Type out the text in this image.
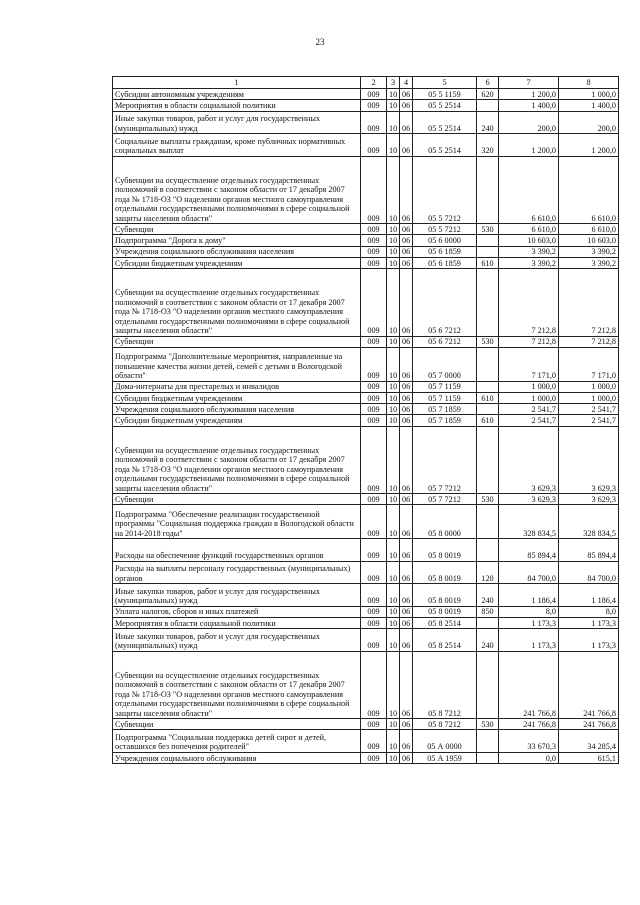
23
1	2	3	4	5	6	7	8
Субсидии автономным учреждениям	009	10	06	05 5 1159	620	1 200,0	1 000,0
Мероприятия в области социальной политики	009	10	06	05 5 2514		1 400,0	1 400,0
Иные закупки товаров, работ и услуг для государственных (муниципальных) нужд	009	10	06	05 5 2514	240	200,0	200,0
Социальные выплаты гражданам, кроме публичных нормативных социальных выплат	009	10	06	05 5 2514	320	1 200,0	1 200,0
Субвенции на осуществление отдельных государственных полномочий в соответствии с законом области от 17 декабря 2007 года № 1718-ОЗ "О наделении органов местного самоуправления отдельными государственными полномочиями в сфере социальной защиты населения области"	009	10	06	05 5 7212		6 610,0	6 610,0
Субвенции	009	10	06	05 5 7212	530	6 610,0	6 610,0
Подпрограмма "Дорога к дому"	009	10	06	05 6 0000		10 603,0	10 603,0
Учреждения социального обслуживания населения	009	10	06	05 6 1859		3 390,2	3 390,2
Субсидии бюджетным учреждениям	009	10	06	05 6 1859	610	3 390,2	3 390,2
Субвенции на осуществление отдельных государственных полномочий в соответствии с законом области от 17 декабря 2007 года № 1718-ОЗ "О наделении органов местного самоуправления отдельными государственными полномочиями в сфере социальной защиты населения области"	009	10	06	05 6 7212		7 212,8	7 212,8
Субвенции	009	10	06	05 6 7212	530	7 212,8	7 212,8
Подпрограмма "Дополнительные мероприятия, направленные на повышение качества жизни детей, семей с детьми в Вологодской области"	009	10	06	05 7 0000		7 171,0	7 171,0
Дома-интернаты для престарелых и инвалидов	009	10	06	05 7 1159		1 000,0	1 000,0
Субсидии бюджетным учреждениям	009	10	06	05 7 1159	610	1 000,0	1 000,0
Учреждения социального обслуживания населения	009	10	06	05 7 1859		2 541,7	2 541,7
Субсидии бюджетным учреждениям	009	10	06	05 7 1859	610	2 541,7	2 541,7
Субвенции на осуществление отдельных государственных полномочий в соответствии с законом области от 17 декабря 2007 года № 1718-ОЗ "О наделении органов местного самоуправления отдельными государственными полномочиями в сфере социальной защиты населения области"	009	10	06	05 7 7212		3 629,3	3 629,3
Субвенции	009	10	06	05 7 7212	530	3 629,3	3 629,3
Подпрограмма "Обеспечение реализации государственной программы "Социальная поддержка граждан в Вологодской области на 2014-2018 годы"	009	10	06	05 8 0000		328 834,5	328 834,5
Расходы на обеспечение функций государственных органов	009	10	06	05 8 0019		85 894,4	85 894,4
Расходы на выплаты персоналу государственных (муниципальных) органов	009	10	06	05 8 0019	120	84 700,0	84 700,0
Иные закупки товаров, работ и услуг для государственных (муниципальных) нужд	009	10	06	05 8 0019	240	1 186,4	1 186,4
Уплата налогов, сборов и иных платежей	009	10	06	05 8 0019	850	8,0	8,0
Мероприятия в области социальной политики	009	10	06	05 8 2514		1 173,3	1 173,3
Иные закупки товаров, работ и услуг для государственных (муниципальных) нужд	009	10	06	05 8 2514	240	1 173,3	1 173,3
Субвенции на осуществление отдельных государственных полномочий в соответствии с законом области от 17 декабря 2007 года № 1718-ОЗ "О наделении органов местного самоуправления отдельными государственными полномочиями в сфере социальной защиты населения области"	009	10	06	05 8 7212		241 766,8	241 766,8
Субвенции	009	10	06	05 8 7212	530	241 766,8	241 766,8
Подпрограмма "Социальная поддержка детей сирот и детей, оставшихся без попечения родителей"	009	10	06	05 А 0000		33 670,3	34 285,4
Учреждения социального обслуживания	009	10	06	05 А 1959		0,0	615,1
